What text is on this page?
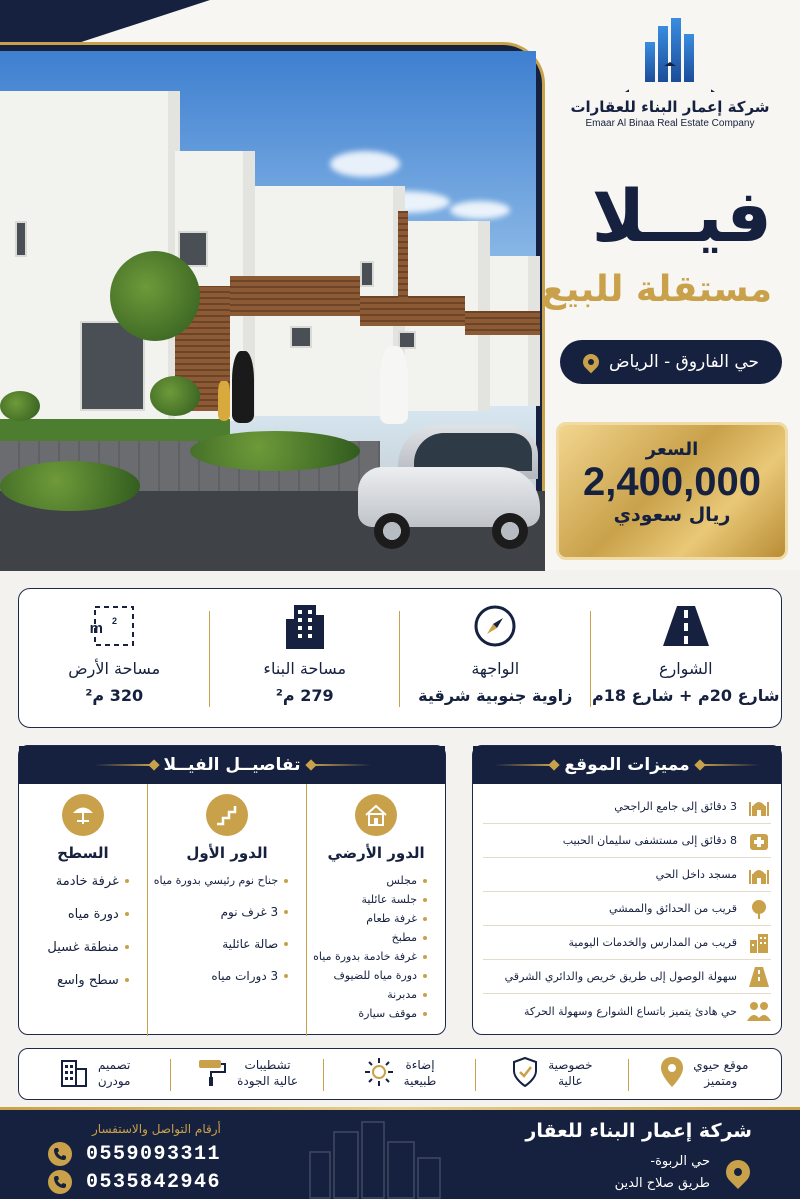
شركة إعمار البناء للعقارات
Emaar Al Binaa Real Estate Company
فيــلا
مستقلة للبيع
حي الفاروق - الرياض
السعر
2,400,000
ريال سعودي
الشوارع
شارع 20م + شارع 18م
الواجهة
زاوية جنوبية شرقية
مساحة البناء
279 م²
m 2
مساحة الأرض
320 م²
مميزات الموقع
3 دقائق إلى جامع الراجحي
8 دقائق إلى مستشفى سليمان الحبيب
مسجد داخل الحي
قريب من الحدائق والممشي
قريب من المدارس والخدمات اليومية
سهولة الوصول إلى طريق خريص والدائري الشرقي
حي هادئ يتميز باتساع الشوارع وسهولة الحركة
تفاصيــل الفيــلا
الدور الأرضي
مجلس
جلسة عائلية
غرفة طعام
مطبخ
غرفة خادمة بدورة مياه
دورة مياه للضيوف
مدبرنة
موقف سيارة
الدور الأول
جناح نوم رئيسي بدورة مياه
3 غرف نوم
صالة عائلية
3 دورات مياه
السطح
غرفة خادمة
دورة مياه
منطقة غسيل
سطح واسع
موقع حيوي
ومتميز
خصوصية
عالية
إضاءة
طبيعية
تشطيبات
عالية الجودة
تصميم
مودرن
شركة إعمار البناء للعقار
حي الربوة-
طريق صلاح الدين
أرقام التواصل والاستفسار
0559093311
0535842946
